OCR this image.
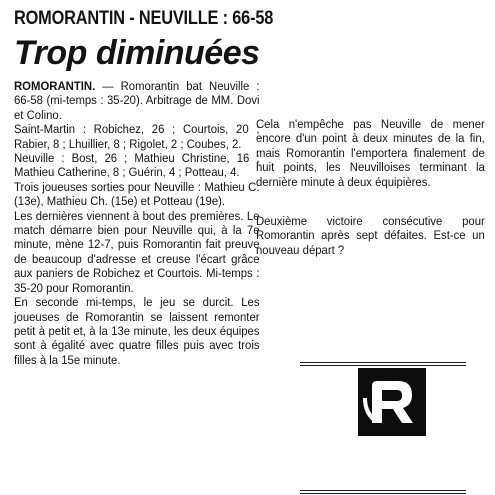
ROMORANTIN - NEUVILLE : 66-58
Trop diminuées

ROMORANTIN. — Romorantin bat Neuville : 66-58 (mi-temps : 35-20). Arbitrage de MM. Dovi et Colino.

Saint-Martin : Robichez, 26 ; Courtois, 20 ; Rabier, 8 ; Lhuillier, 8 ; Rigolet, 2 ; Coubes, 2.

Neuville : Bost, 26 ; Mathieu Christine, 16 ; Mathieu Catherine, 8 ; Guérin, 4 ; Potteau, 4.

Trois joueuses sorties pour Neuville : Mathieu C. (13e), Mathieu Ch. (15e) et Potteau (19e).

Les dernières viennent à bout des premières. Le match démarre bien pour Neuville qui, à la 7e minute, mène 12-7, puis Romorantin fait preuve de beaucoup d'adresse et creuse l'écart grâce aux paniers de Robichez et Courtois. Mi-temps : 35-20 pour Romorantin.

En seconde mi-temps, le jeu se durcit. Les joueuses de Romorantin se laissent remonter petit à petit et, à la 13e minute, les deux équipes sont à égalité avec quatre filles puis avec trois filles à la 15e minute.

Cela n'empêche pas Neuville de mener encore d'un point à deux minutes de la fin, mais Romorantin l'emportera finalement de huit points, les Neuvilloises terminant la dernière minute à deux équipières.

Deuxième victoire consécutive pour Romorantin après sept défaites. Est-ce un nouveau départ ?
